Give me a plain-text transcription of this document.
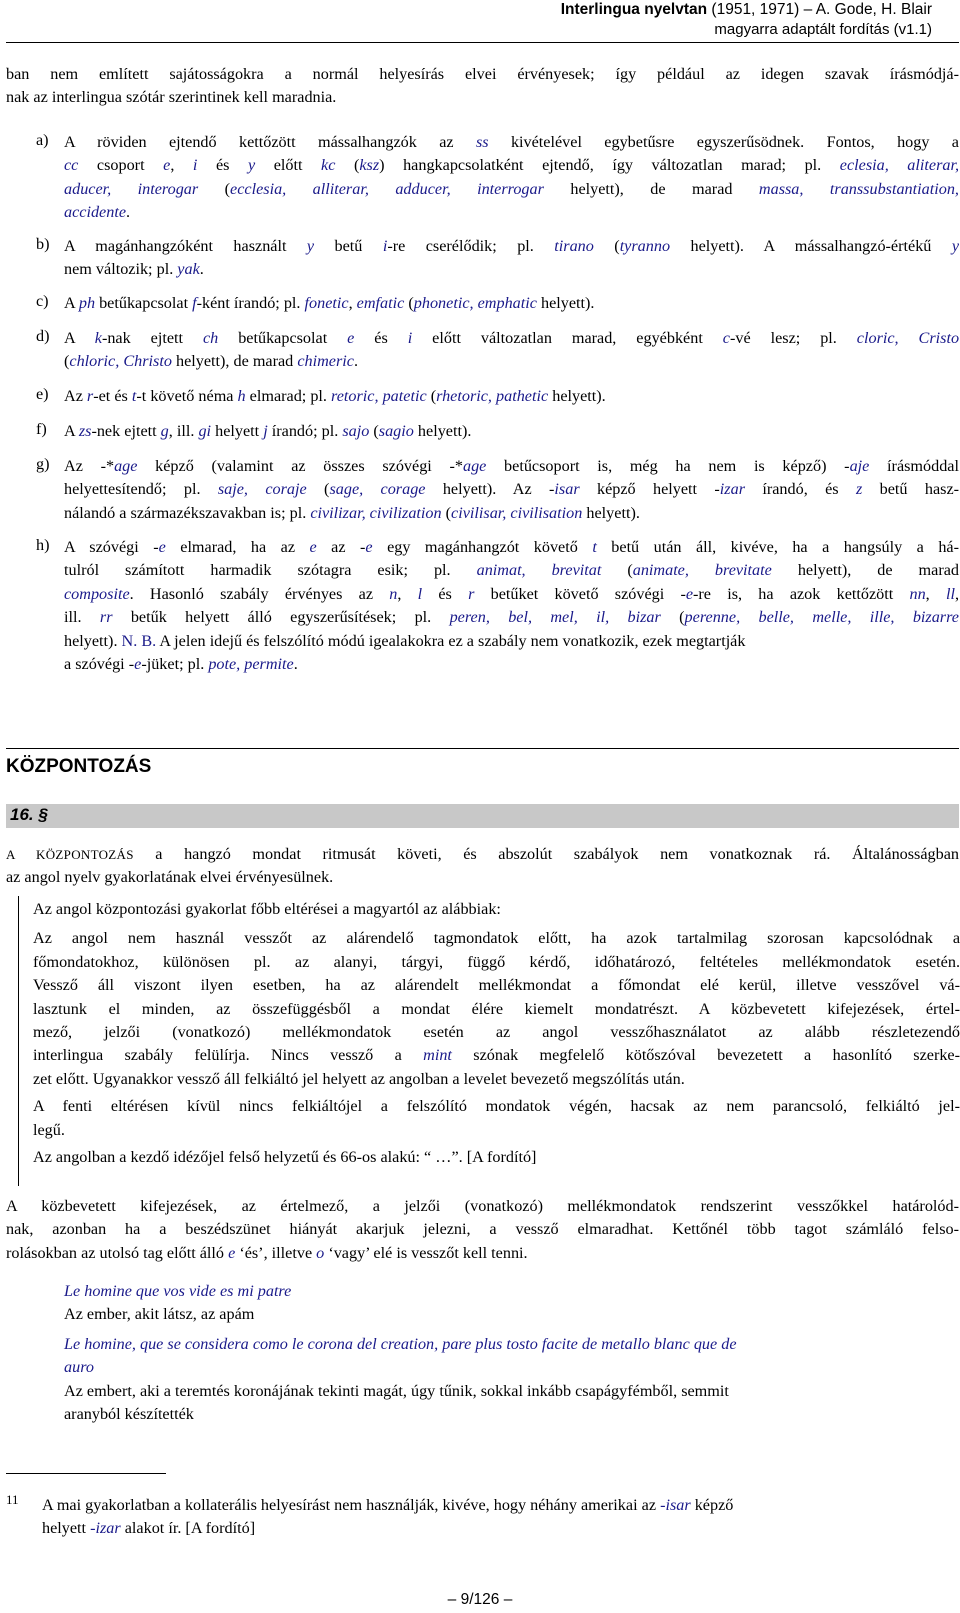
Interlingua nyelvtan (1951, 1971) – A. Gode, H. Blair
magyarra adaptált fordítás (v1.1)
ban nem említett sajátosságokra a normál helyesírás elvei érvényesek; így például az idegen szavak írásmódjá-
nak az interlingua szótár szerintinek kell maradnia.
a) A röviden ejtendő kettőzött mássalhangzók az ss kivételével egybetűsre egyszerűsödnek. Fontos, hogy a
cc csoport e, i és y előtt kc (ksz) hangkapcsolatként ejtendő, így változatlan marad; pl. eclesia, aliterar,
aducer, interogar (ecclesia, alliterar, adducer, interrogar helyett), de marad massa, transsubstantiation,
accidente.
b) A magánhangzóként használt y betű i-re cserélődik; pl. tirano (tyranno helyett). A mássalhangzó-értékű y
nem változik; pl. yak.
c) A ph betűkapcsolat f-ként írandó; pl. fonetic, emfatic (phonetic, emphatic helyett).
d) A k-nak ejtett ch betűkapcsolat e és i előtt változatlan marad, egyébként c-vé lesz; pl. cloric, Cristo
(chloric, Christo helyett), de marad chimeric.
e) Az r-et és t-t követő néma h elmarad; pl. retoric, patetic (rhetoric, pathetic helyett).
f) A zs-nek ejtett g, ill. gi helyett j írandó; pl. sajo (sagio helyett).
g) Az -*age képző (valamint az összes szóvégi -*age betűcsoport is, még ha nem is képző) -aje írásmóddal
helyettesítendő; pl. saje, coraje (sage, corage helyett). Az -isar képző helyett -izar írandó, és z betű hasz-
nálandó a származékszavakban is; pl. civilizar, civilization (civilisar, civilisation helyett).
h) A szóvégi -e elmarad, ha az e az -e egy magánhangzót követő t betű után áll, kivéve, ha a hangsúly a há-
tulról számított harmadik szótagra esik; pl. animat, brevitat (animate, brevitate helyett), de marad
composite. Hasonló szabály érvényes az n, l és r betűket követő szóvégi -e-re is, ha azok kettőzött nn, ll,
ill. rr betűk helyett álló egyszerűsítések; pl. peren, bel, mel, il, bizar (perenne, belle, melle, ille, bizarre
helyett). N. B. A jelen idejű és felszólító módú igealakokra ez a szabály nem vonatkozik, ezek megtartják
a szóvégi -e-jüket; pl. pote, permite.
KÖZPONTOZÁS
16. §
A KÖZPONTOZÁS a hangzó mondat ritmusát követi, és abszolút szabályok nem vonatkoznak rá. Általánosságban
az angol nyelv gyakorlatának elvei érvényesülnek.
Az angol központozási gyakorlat főbb eltérései a magyartól az alábbiak:
Az angol nem használ vesszőt az alárendelő tagmondatok előtt, ha azok tartalmilag szorosan kapcsolódnak a
főmondatokhoz, különösen pl. az alanyi, tárgyi, függő kérdő, időhatározó, feltételes mellékmondatok esetén.
Vessző áll viszont ilyen esetben, ha az alárendelt mellékmondat a főmondat elé kerül, illetve vesszővel vá-
lasztunk el minden, az összefüggésből a mondat élére kiemelt mondatrészt. A közbevetett kifejezések, értel-
mező, jelzői (vonatkozó) mellékmondatok esetén az angol vesszőhasználatot az alább részletezendő
interlingua szabály felülírja. Nincs vessző a mint szónak megfelelő kötőszóval bevezetett a hasonlító szerke-
zet előtt. Ugyanakkor vessző áll felkiáltó jel helyett az angolban a levelet bevezető megszólítás után.
A fenti eltérésen kívül nincs felkiáltójel a felszólító mondatok végén, hacsak az nem parancsoló, felkiáltó jel-
legű.
Az angolban a kezdő idézőjel felső helyzetű és 66-os alakú: “ …”. [A fordító]
A közbevetett kifejezések, az értelmező, a jelzői (vonatkozó) mellékmondatok rendszerint vesszőkkel határolód-
nak, azonban ha a beszédszünet hiányát akarjuk jelezni, a vessző elmaradhat. Kettőnél több tagot számláló felso-
rolásokban az utolsó tag előtt álló e ‘és’, illetve o ‘vagy’ elé is vesszőt kell tenni.
Le homine que vos vide es mi patre
Az ember, akit látsz, az apám
Le homine, que se considera como le corona del creation, pare plus tosto facite de metallo blanc que de
auro
Az embert, aki a teremtés koronájának tekinti magát, úgy tűnik, sokkal inkább csapágyfémből, semmit
aranyból készítették
11	A mai gyakorlatban a kollaterális helyesírást nem használják, kivéve, hogy néhány amerikai az -isar képző
helyett -izar alakot ír. [A fordító]
– 9/126 –
